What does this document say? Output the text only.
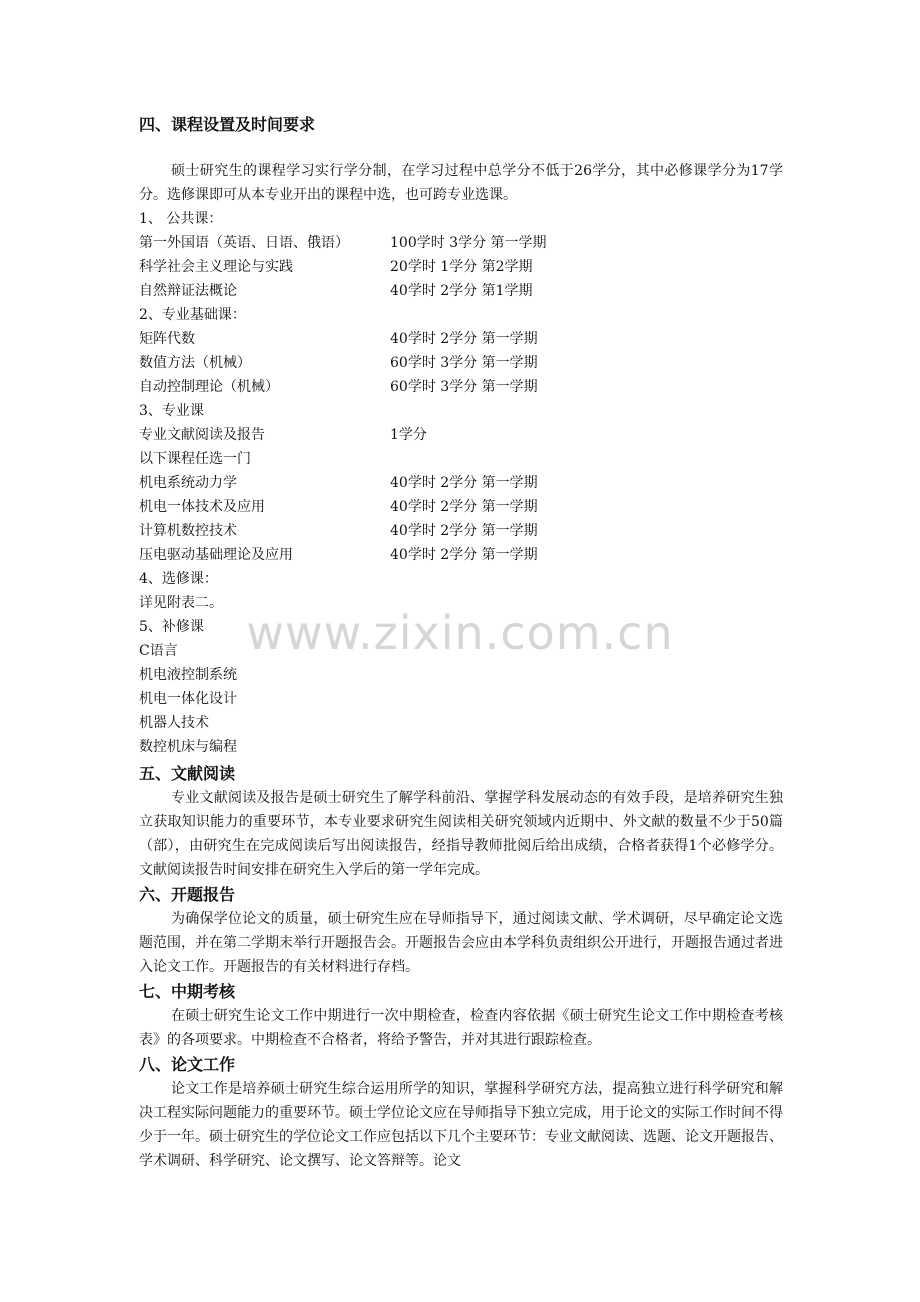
www.zixin.com.cn
四、课程设置及时间要求
硕士研究生的课程学习实行学分制，在学习过程中总学分不低于26学分，其中必修课学分为17学分。选修课即可从本专业开出的课程中选，也可跨专业选课。
1、 公共课：
第一外国语（英语、日语、俄语）	100学时 3学分 第一学期
科学社会主义理论与实践	20学时 1学分 第2学期
自然辩证法概论	40学时 2学分 第1学期
2、专业基础课：
矩阵代数	40学时 2学分 第一学期
数值方法（机械）	60学时 3学分 第一学期
自动控制理论（机械）	60学时 3学分 第一学期
3、专业课
专业文献阅读及报告	1学分
以下课程任选一门
机电系统动力学	40学时 2学分 第一学期
机电一体技术及应用	40学时 2学分 第一学期
计算机数控技术	40学时 2学分 第一学期
压电驱动基础理论及应用	40学时 2学分 第一学期
4、选修课：
详见附表二。
5、补修课
C语言
机电液控制系统
机电一体化设计
机器人技术
数控机床与编程
五、文献阅读
专业文献阅读及报告是硕士研究生了解学科前沿、掌握学科发展动态的有效手段，是培养研究生独立获取知识能力的重要环节，本专业要求研究生阅读相关研究领域内近期中、外文献的数量不少于50篇（部），由研究生在完成阅读后写出阅读报告，经指导教师批阅后给出成绩，合格者获得1个必修学分。文献阅读报告时间安排在研究生入学后的第一学年完成。
六、开题报告
为确保学位论文的质量，硕士研究生应在导师指导下，通过阅读文献、学术调研，尽早确定论文选题范围，并在第二学期末举行开题报告会。开题报告会应由本学科负责组织公开进行，开题报告通过者进入论文工作。开题报告的有关材料进行存档。
七、中期考核
在硕士研究生论文工作中期进行一次中期检查，检查内容依据《硕士研究生论文工作中期检查考核表》的各项要求。中期检查不合格者，将给予警告，并对其进行跟踪检查。
八、论文工作
论文工作是培养硕士研究生综合运用所学的知识，掌握科学研究方法，提高独立进行科学研究和解决工程实际问题能力的重要环节。硕士学位论文应在导师指导下独立完成，用于论文的实际工作时间不得少于一年。硕士研究生的学位论文工作应包括以下几个主要环节：专业文献阅读、选题、论文开题报告、学术调研、科学研究、论文撰写、论文答辩等。论文
